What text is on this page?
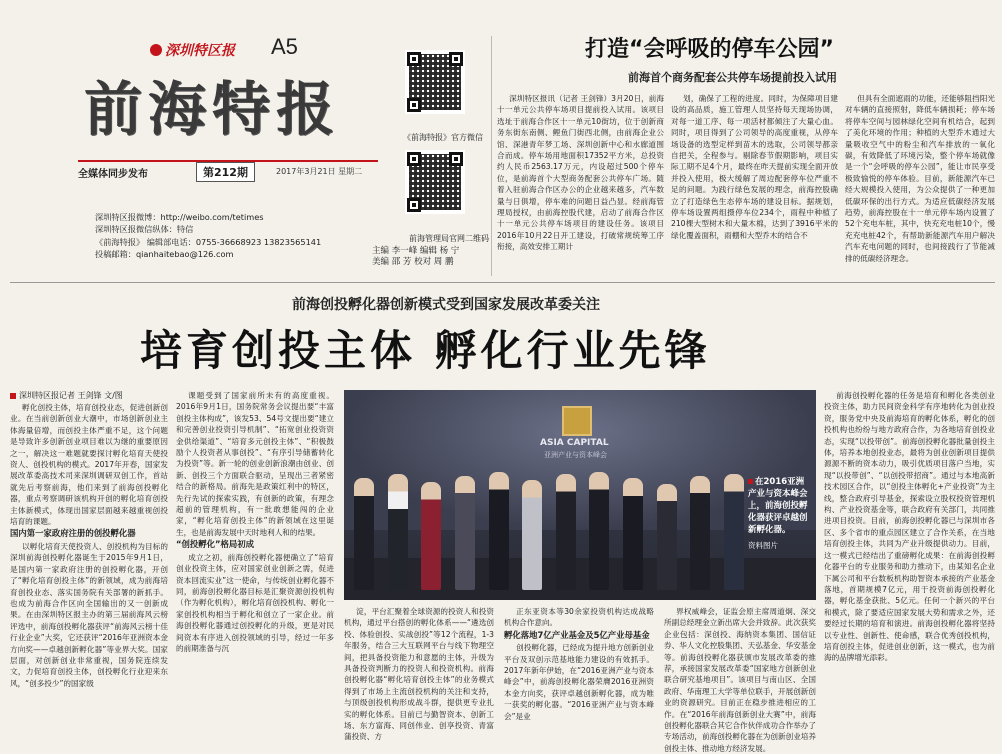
深圳特区报 A5
前海特报
全媒体同步发布	第212期	2017年3月21日 星期二
深圳特区报微博：http://weibo.com/tetimes
深圳特区报微信纵体：特信
《前海特报》 编辑部电话：0755-36668923 13823565141
投稿邮箱：qianhaitebao@126.com
《前海特报》官方微信
前海管理局官网二维码
主编 李一峰 编辑 杨 宁
美编 邵 芳 校对 周 鹏
打造“会呼吸的停车公园”
前海首个商务配套公共停车场提前投入试用

深圳特区报讯（记者 王剑锋）3月20日，前海十一单元公共停车场项目提前投入试用。该项目选址于前海合作区十一单元10街坊，位于创新商务东街东南侧、鲤鱼门街西北侧，由前海企业公馆、深港青年梦工场、深圳创新中心和水廊道围合而成。停车场用地面积17352平方米，总投资约人民币2563.17万元，内设超过500个停车位，是前海首个大型商务配套公共停车广场。随着入驻前海合作区办公的企业越来越多，汽车数量与日俱增，停车难的问题日益凸显。经前海管理局授权，由前海控股代建，启动了前海合作区十一单元公共停车场项目的建设任务。该项目2016年10月22日开工建设，打破常规统筹工序衔接，高效安排工期计

划，确保了工程的进度。同时，为保障项目建设的高品质，施工管理人员坚持每天现场协调，对每一道工序、每一项活材都倾注了大量心血。同时，项目得到了公司领导的高度重视，从停车场设备的选型定样到苗木的选取，公司领导都亲自把关，全程参与。剔除春节假期影响，项目实际工期不足4个月，最终在昨天提前实现全面开放并投入使用，极大缓解了周边配套停车位严重不足的问题。为践行绿色发展的理念，前海控股确立了打造绿色生态停车场的建设目标。据规划，停车场设置两组摄停车位234个，雨程中种植了210棵大型树木和大量木棉，达到了3916平米的绿化覆盖面积，雨棚和大型乔木的结合不

但具有全面遮雨的功能，还能够阻挡阳光对车辆的直接照射，降低车辆损耗；停车场将停车空间与园林绿化空间有机结合，起到了美化环境的作用；种植的大型乔木通过大量吸收空气中的粉尘和汽车排放的一氧化碳，有效降低了环境污染，整个停车场就像是一个“会呼吸的停车公园”，能让市民享受极致愉悦的停车体验。目前，新能源汽车已经大规模投入使用，为公众提供了一种更加低碳环保的出行方式。为适应低碳经济发展趋势，前海控股在十一单元停车场内设置了52个充电车桩，其中，快充充电桩10个，慢充充电桩42个，有帮助新能源汽车用户解决汽车充电问题的同时，也间接践行了节能减排的低碳经济理念。

前海创投孵化器创新模式受到国家发展改革委关注
培育创投主体 孵化行业先锋
深圳特区报记者 王剑锋 文/图

孵化创投主体，培育创投业态，促进创新创业。在当前创新创业大潮中，市场创新创业主体海量倍增，而创投主体严重不足，这个问题是导致许多创新创业项目难以为继的重要原因之一，解决这一难题就要探讨孵化培育天使投资人、创投机构的模式。2017年开春，国家发展改革委高技术司来深圳调研双创工作，首站就先后考察前海，他们来到了前海创投孵化器，重点考察调研该机构开创的孵化培育创投主体新模式，体现出国家层面越来越重视创投培育的课题。

国内第一家政府注册的创投孵化器

以孵化培育天使投资人、创投机构为目标的深圳前海创投孵化器诞生于2015年9月1日，是国内第一家政府注册的创投孵化器，开创了“孵化培育创投主体”的新领域，成为前海培育创投业态、落实国务院有关部署的新抓手。也成为前海合作区向全国输出的又一创新成果。在由深圳特区报主办的第三届前海风云榜评选中，前海创投孵化器获评“前海风云榜十佳行业企业”大奖，它还获评“2016年亚洲资本金方向奖——卓越创新孵化器”等业界大奖。国家层面，对创新创业非常重视，国务院连续发文，力促培育创投主体，创投孵化行业迎来东风，“创多投少”的国家级

课题受到了国家前所未有的高度重视。2016年9月1日，国务院常务会议提出要“丰富创投主体构成”，该发53、54号文提出要“建立和完善创业投资引导机制”、“拓宽创业投资资金供给渠道”、“培育多元创投主体”、“积极鼓励个人投资者从事创投”、“有序引导储蓄转化为投资”等。新一轮的创业创新浪潮由创业、创新、创投三个方面联合驱动，呈现出三者紧密结合的新格局。前海先是政策红利中的特区，先行先试的探索实践，有创新的政策，有理念超前的管理机构，有一批敢想能闯的企业家，“孵化培育创投主体”的新领域在这里诞生，也是前海发展中天时地利人和的结果。

“创投孵化”格局初成

成立之初，前海创投孵化器便确立了“培育创业投资主体，应对国家创业创新之需，促进资本回流实业”这一使命，与传统创业孵化器不同，前海创投孵化器目标是汇聚资源创投机构（作为孵化机构），孵化培育创投机构、孵化一家创投机构相当于孵化和创立了一家企业。前海创投孵化器通过创投孵化的升级，更是对民间资本有序进入创投领域的引导，经过一年多的前期准备与沉

ASIA CAPITAL
亚洲产业与资本峰会
在2016亚洲产业与资本峰会上，前海创投孵化器获评卓越创新孵化器。
资料图片

淀，平台汇聚着全球资源的投资人和投资机构，通过平台搭创的孵化体系——“遴选创投、体验创投、实战创投”等12个流程，1-3年服务，结合三大互联网平台与线下物理空间，把具备投资能力和意愿的主体，升级为具备投资判断力的投资人和投资机构。前海创投孵化器“孵化培育创投主体”的业务模式得到了市场上主流创投机构的关注和支持，与顶级创投机构形成战斗群，提供更专业扎实的孵化体系。目前已与勤智资本、创新工场、东方富海、同创伟业、创享投资、青富蒲投资、方

正东亚资本等30余家投资机构达成战略机构合作意向。

孵化落地7亿产业基金及5亿产业母基金

创投孵化器，已经成为提升地方创新创业平台及双创示范基地能力建设的有效抓手。2017年新年伊始，在“2016亚洲产业与资本峰会”中，前海创投孵化器荣膺2016亚洲资本金方向奖，获评卓越创新孵化器，成为唯一获奖的孵化器。“2016亚洲产业与资本峰会”是业

界权威峰会，证监会原主席周道炯、深交所副总经理金立新出席大会并致辞。此次获奖企业包括：深创投、海纳资本集团、国信证券、华人文化控股集团、天弘基金、华安基金等。前海创投孵化器获颁市发展改革委的推荐，承接国家发展改革委“国家地方创新创业联合研究基地项目”。该项目与南山区、全国政府、华南理工大学等单位联手，开展创新创业的资源研究。目前正在稳步推进相应的工作。在“2016年前海创新创业大赛”中，前海创投孵化器联合其它合作伙伴成功合作举办了专场活动，前海创投孵化器在为创新创业培养创投主体、推动地方经济发展。

前海创投孵化器的任务是培育和孵化各类创业投资主体，助力民间资金科学有序地转化为创业投资，服务党中央及前海培育的孵化体系，孵化的创投机构也纷纷与地方政府合作，为各地培育创投业态，实现“以投带创”。前海创投孵化器批量创投主体，培养本地创投业态，最将为创业创新项目提供源源不断的资本动力，吸引优质项目落户当地，实现“以投带创”、“以创投带招商”。通过与本地高新技术园区合作，以“创投主体孵化+产业投资”为主线，整合政府引导基金，探索设立股权投资管理机构、产业投资基金等，联合政府有关部门，共同推进项目投资。目前，前海创投孵化器已与深圳市各区、多个省市的重点园区建立了合作关系，在当地培育创投主体，共同为产业升级提供动力。目前，这一模式已经结出了重磅孵化成果：在前海创投孵化器平台的专业服务和助力推动下，由某知名企业下属公司和平台数板机构助智资本承接的产业基金落地，首期规模7亿元，用于投资前海创投孵化器，孵化基金获批、5亿元。任何一个新兴的平台和模式，除了要适应国家发展大势和需求之外，还要经过长期的培育和演进。前海创投孵化器将坚持以专业性、创新性、使命感，联合优秀创投机构，培育创投主体，促进创业创新，这一模式，也为前海的品牌增光添彩。
